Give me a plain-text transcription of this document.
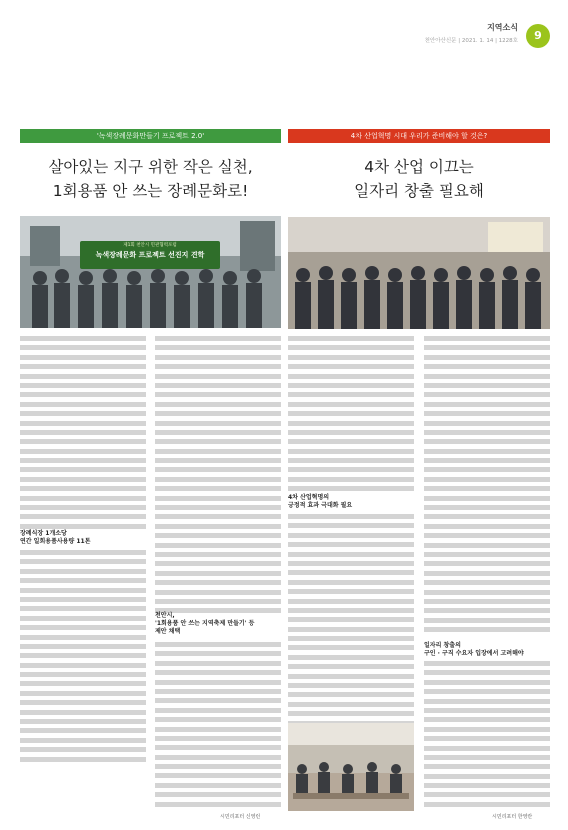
지역소식
천안아산신문 | 2021. 1. 14 | 1228호	9
'녹색장례문화만들기 프로젝트 2.0'
살아있는 지구 위한 작은 실천,
1회용품 안 쓰는 장례문화로!
제1회 천안시 민관협력포럼
녹색장례문화 프로젝트 선진지 견학
장례식장 1개소당
연간 일회용품사용량 11톤
천안시,
'1회용품 안 쓰는 지역축제 만들기' 등
제안 채택
시민리포터 신영런
4차 산업혁명 시대 우리가 준비해야 할 것은?
4차 산업 이끄는
일자리 창출 필요해
4차 산업혁명의
긍정적 효과 극대화 필요
일자리 창출의
구인 · 구직 수요자 입장에서 고려해야
시민리포터 한영란
